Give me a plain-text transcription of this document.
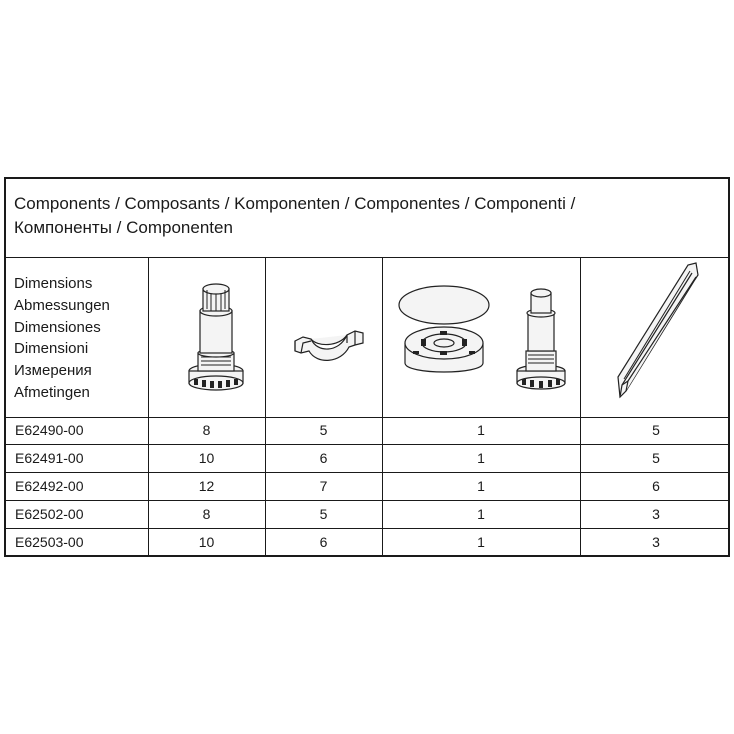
Components / Composants / Komponenten / Componentes / Componenti /
Компоненты / Componenten
Dimensions
Abmessungen
Dimensiones
Dimensioni
Измерения
Afmetingen
E62490-00	8	5	1	5
E62491-00	10	6	1	5
E62492-00	12	7	1	6
E62502-00	8	5	1	3
E62503-00	10	6	1	3
